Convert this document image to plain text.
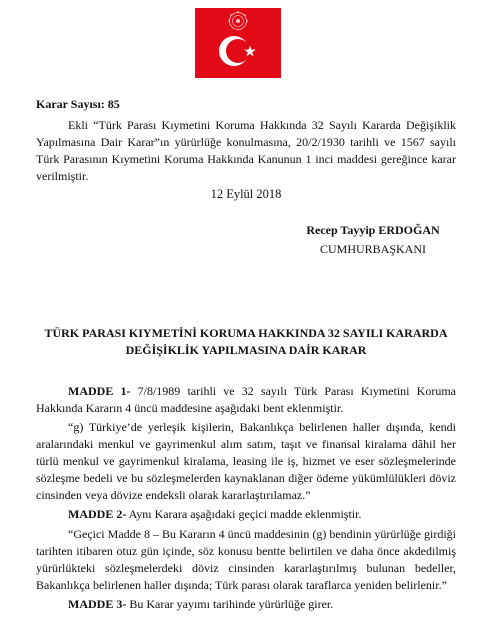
Karar Sayısı: 85
Ekli “Türk Parası Kıymetini Koruma Hakkında 32 Sayılı Kararda Değişiklik Yapılmasına Dair Karar”ın yürürlüğe konulmasına, 20/2/1930 tarihli ve 1567 sayılı Türk Parasının Kıymetini Koruma Hakkında Kanunun 1 inci maddesi gereğince karar verilmiştir.
12 Eylül 2018
Recep Tayyip ERDOĞAN
CUMHURBAŞKANI
TÜRK PARASI KIYMETİNİ KORUMA HAKKINDA 32 SAYILI KARARDA
DEĞİŞİKLİK YAPILMASINA DAİR KARAR
MADDE 1- 7/8/1989 tarihli ve 32 sayılı Türk Parası Kıymetini Koruma Hakkında Kararın 4 üncü maddesine aşağıdaki bent eklenmiştir.
“g) Türkiye’de yerleşik kişilerin, Bakanlıkça belirlenen haller dışında, kendi aralarındaki menkul ve gayrimenkul alım satım, taşıt ve finansal kiralama dâhil her türlü menkul ve gayrimenkul kiralama, leasing ile iş, hizmet ve eser sözleşmelerinde sözleşme bedeli ve bu sözleşmelerden kaynaklanan diğer ödeme yükümlülükleri döviz cinsinden veya dövize endeksli olarak kararlaştırılamaz.”
MADDE 2- Aynı Karara aşağıdaki geçici madde eklenmiştir.
“Geçici Madde 8 – Bu Kararın 4 üncü maddesinin (g) bendinin yürürlüğe girdiği tarihten itibaren otuz gün içinde, söz konusu bentte belirtilen ve daha önce akdedilmiş yürürlükteki sözleşmelerdeki döviz cinsinden kararlaştırılmış bulunan bedeller, Bakanlıkça belirlenen haller dışında; Türk parası olarak taraflarca yeniden belirlenir.”
MADDE 3- Bu Karar yayımı tarihinde yürürlüğe girer.
